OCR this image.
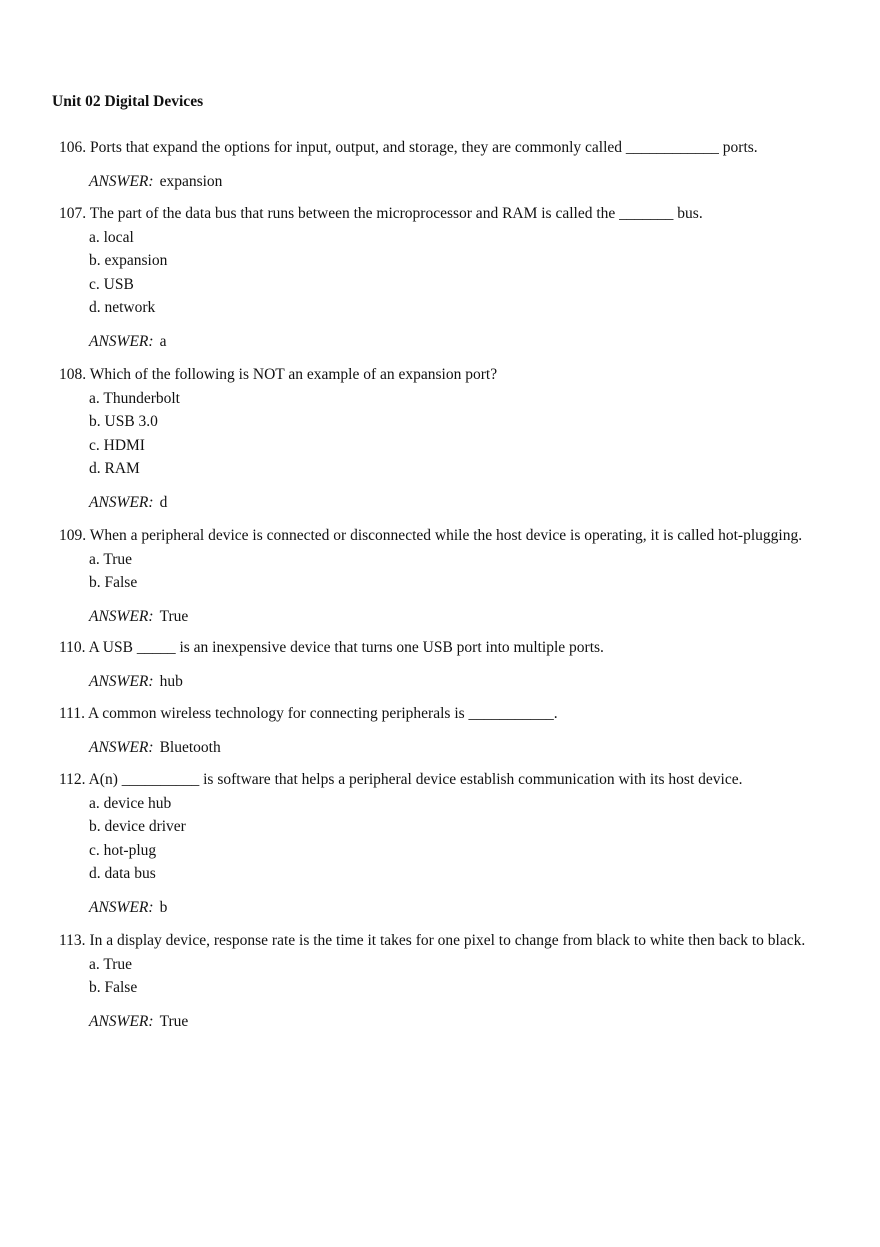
Unit 02 Digital Devices
106. Ports that expand the options for input, output, and storage, they are commonly called ____________ ports.
ANSWER: expansion
107. The part of the data bus that runs between the microprocessor and RAM is called the _______ bus.
a. local
b. expansion
c. USB
d. network
ANSWER: a
108. Which of the following is NOT an example of an expansion port?
a. Thunderbolt
b. USB 3.0
c. HDMI
d. RAM
ANSWER: d
109. When a peripheral device is connected or disconnected while the host device is operating, it is called hot-plugging.
a. True
b. False
ANSWER: True
110. A USB _____ is an inexpensive device that turns one USB port into multiple ports.
ANSWER: hub
111. A common wireless technology for connecting peripherals is ___________.
ANSWER: Bluetooth
112. A(n) __________ is software that helps a peripheral device establish communication with its host device.
a. device hub
b. device driver
c. hot-plug
d. data bus
ANSWER: b
113. In a display device, response rate is the time it takes for one pixel to change from black to white then back to black.
a. True
b. False
ANSWER: True
